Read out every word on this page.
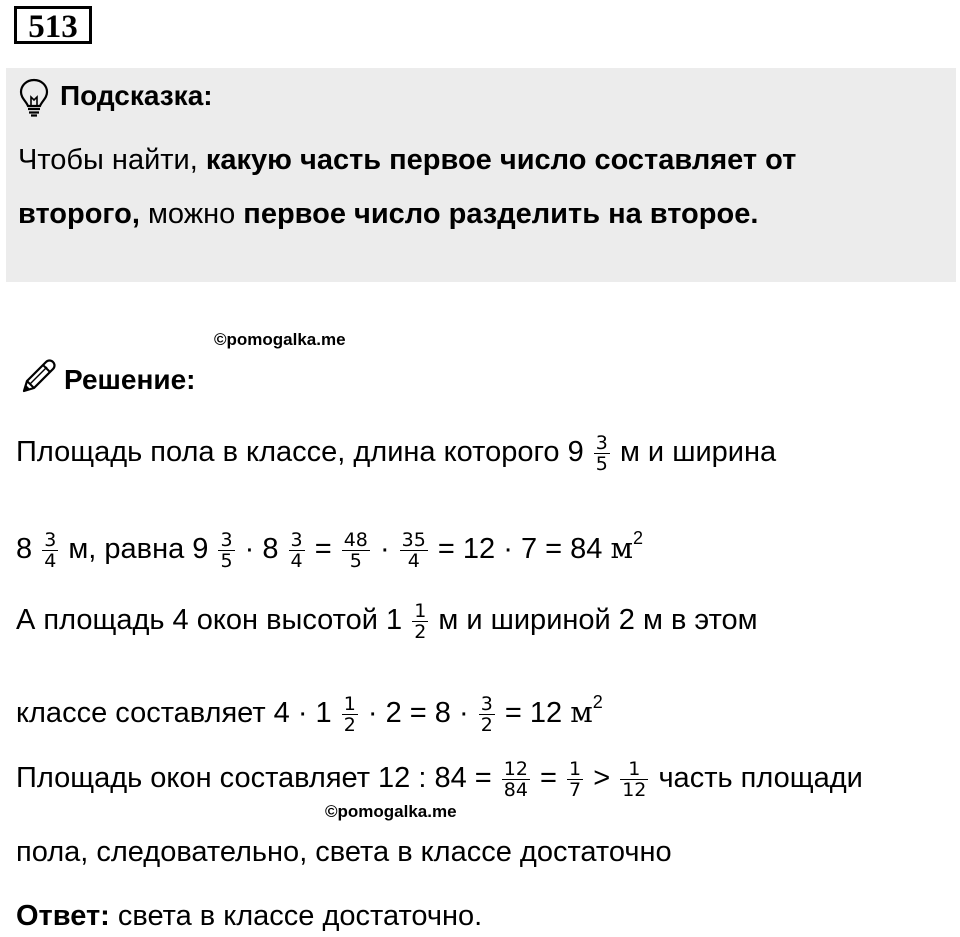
513
Подсказка:
Чтобы найти, какую часть первое число составляет от
второго, можно первое число разделить на второе.
©pomogalka.me
Решение:
Площадь пола в классе, длина которого $9 \frac{3}{5}$ м и ширина
$8 \frac{3}{4} м$, равна $9 \frac{3}{5} \cdot 8 \frac{3}{4} = \frac{48}{5} \cdot \frac{35}{4} = 12 \cdot 7 = 84$ $м^2$
А площадь 4 окон высотой $1 \frac{1}{2}$ м и шириной 2 м в этом
классе составляет $4 \cdot 1 \frac{1}{2} \cdot 2 = 8 \cdot \frac{3}{2} = 12$ $м^2$
Площадь окон составляет 12 : $84 = \frac{12}{84} = \frac{1}{7} > \frac{1}{12}$ часть площади
©pomogalka.me
пола, следовательно, света в классе достаточно
Ответ: света в классе достаточно.
